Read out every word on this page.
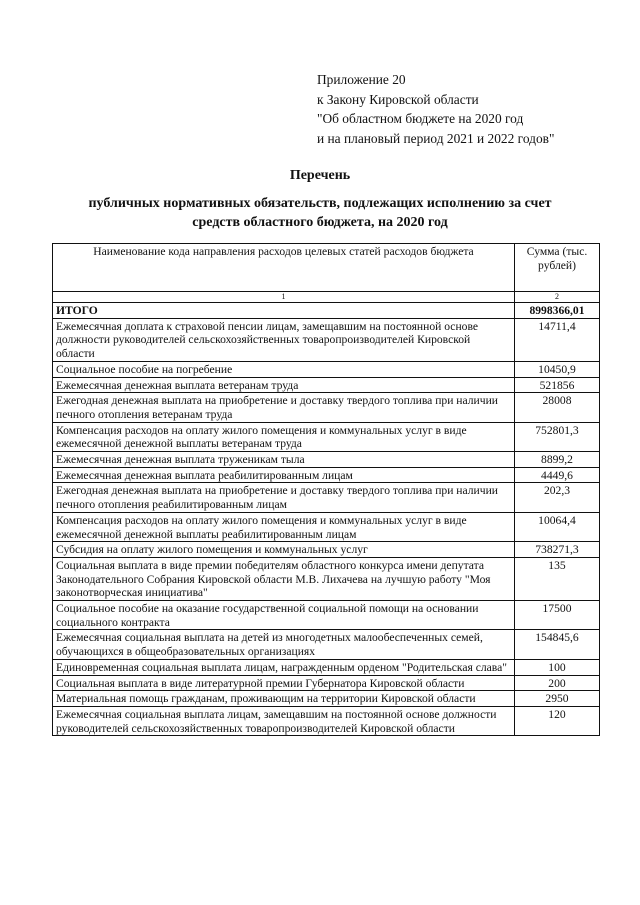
Приложение 20
к Закону Кировской области
"Об областном бюджете на 2020 год
и на плановый период 2021 и 2022 годов"
Перечень
публичных нормативных обязательств, подлежащих исполнению за счет средств областного бюджета, на 2020 год
Наименование кода направления расходов целевых статей расходов бюджета	Сумма (тыс. рублей)
1	2
ИТОГО	8998366,01
Ежемесячная доплата к страховой пенсии лицам, замещавшим на постоянной основе должности руководителей сельскохозяйственных товаропроизводителей Кировской области	14711,4
Социальное пособие на погребение	10450,9
Ежемесячная денежная выплата ветеранам труда	521856
Ежегодная денежная выплата на приобретение и доставку твердого топлива при наличии печного отопления ветеранам труда	28008
Компенсация расходов на оплату жилого помещения и коммунальных услуг в виде ежемесячной денежной выплаты ветеранам труда	752801,3
Ежемесячная денежная выплата труженикам тыла	8899,2
Ежемесячная денежная выплата реабилитированным лицам	4449,6
Ежегодная денежная выплата на приобретение и доставку твердого топлива при наличии печного отопления реабилитированным лицам	202,3
Компенсация расходов на оплату жилого помещения и коммунальных услуг в виде ежемесячной денежной выплаты реабилитированным лицам	10064,4
Субсидия на оплату жилого помещения и коммунальных услуг	738271,3
Социальная выплата в виде премии победителям областного конкурса имени депутата Законодательного Собрания Кировской области М.В. Лихачева на лучшую работу "Моя законотворческая инициатива"	135
Социальное пособие на оказание государственной социальной помощи на основании социального контракта	17500
Ежемесячная социальная выплата на детей из многодетных малообеспеченных семей, обучающихся в общеобразовательных организациях	154845,6
Единовременная социальная выплата лицам, награжденным орденом "Родительская слава"	100
Социальная выплата в виде литературной премии Губернатора Кировской области	200
Материальная помощь гражданам, проживающим на территории Кировской области	2950
Ежемесячная социальная выплата лицам, замещавшим на постоянной основе должности руководителей сельскохозяйственных товаропроизводителей Кировской области	120
